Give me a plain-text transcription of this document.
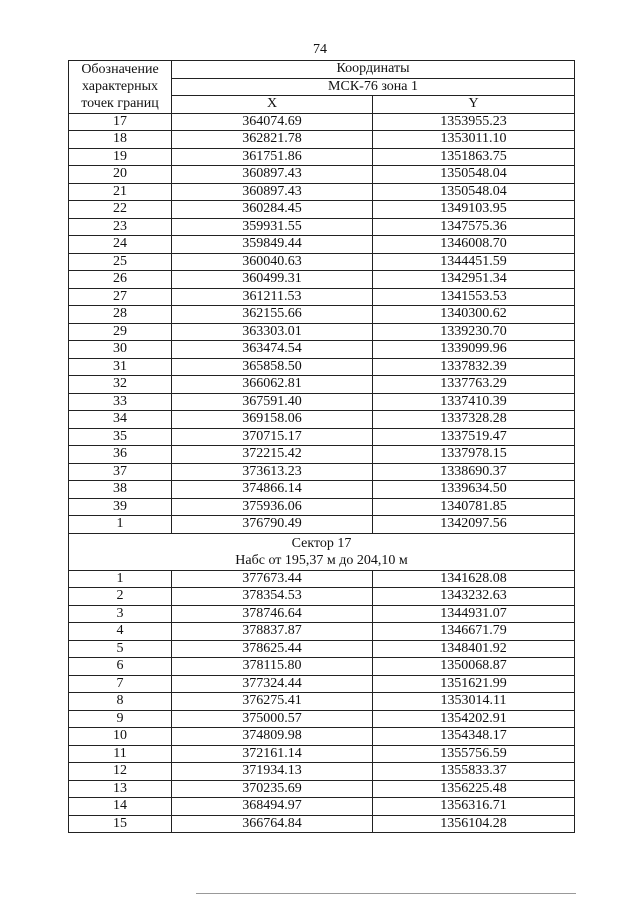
74
Обозначение
характерных
точек границ	Координаты	
	МСК-76 зона 1	
	X	Y
17	364074.69	1353955.23
18	362821.78	1353011.10
19	361751.86	1351863.75
20	360897.43	1350548.04
21	360897.43	1350548.04
22	360284.45	1349103.95
23	359931.55	1347575.36
24	359849.44	1346008.70
25	360040.63	1344451.59
26	360499.31	1342951.34
27	361211.53	1341553.53
28	362155.66	1340300.62
29	363303.01	1339230.70
30	363474.54	1339099.96
31	365858.50	1337832.39
32	366062.81	1337763.29
33	367591.40	1337410.39
34	369158.06	1337328.28
35	370715.17	1337519.47
36	372215.42	1337978.15
37	373613.23	1338690.37
38	374866.14	1339634.50
39	375936.06	1340781.85
1	376790.49	1342097.56

Сектор 17
Набс от 195,37 м до 204,10 м		

1	377673.44	1341628.08
2	378354.53	1343232.63
3	378746.64	1344931.07
4	378837.87	1346671.79
5	378625.44	1348401.92
6	378115.80	1350068.87
7	377324.44	1351621.99
8	376275.41	1353014.11
9	375000.57	1354202.91
10	374809.98	1354348.17
11	372161.14	1355756.59
12	371934.13	1355833.37
13	370235.69	1356225.48
14	368494.97	1356316.71
15	366764.84	1356104.28
